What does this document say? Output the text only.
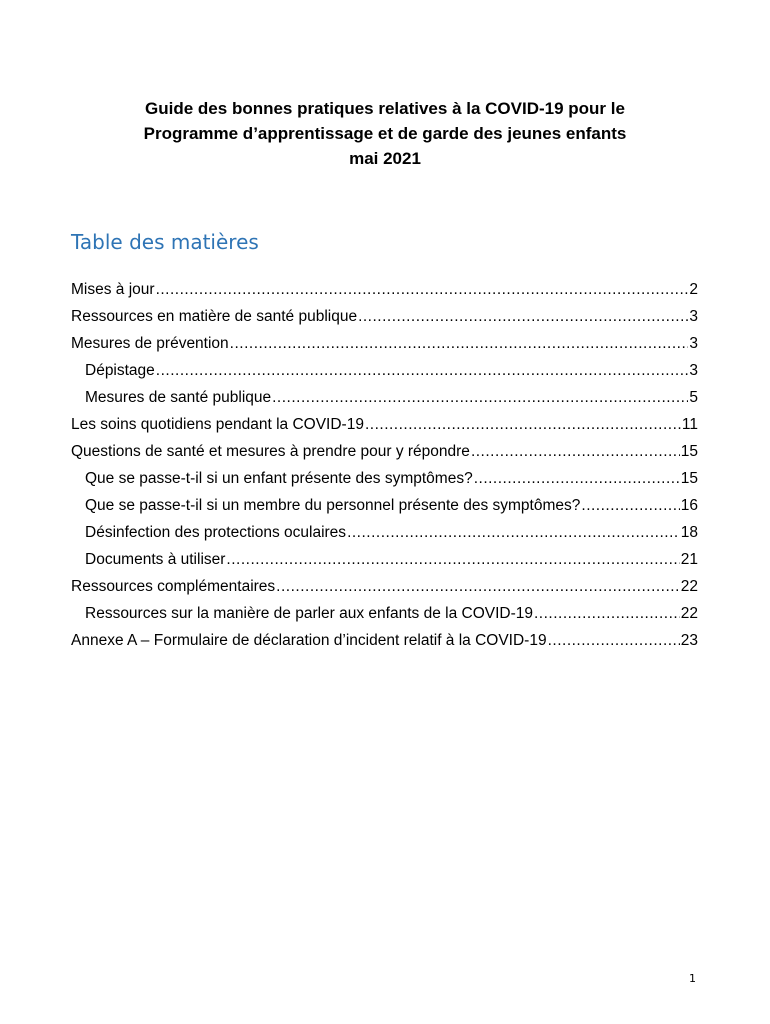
Guide des bonnes pratiques relatives à la COVID-19 pour le
Programme d’apprentissage et de garde des jeunes enfants
mai 2021
Table des matières
Mises à jour .....	2
Ressources en matière de santé publique .....	3
Mesures de prévention .....	3
Dépistage .....	3
Mesures de santé publique .....	5
Les soins quotidiens pendant la COVID-19 .....	11
Questions de santé et mesures à prendre pour y répondre .....	15
Que se passe-t-il si un enfant présente des symptômes? .....	15
Que se passe-t-il si un membre du personnel présente des symptômes? .....	16
Désinfection des protections oculaires .....	18
Documents à utiliser .....	21
Ressources complémentaires .....	22
Ressources sur la manière de parler aux enfants de la COVID-19 .....	22
Annexe A – Formulaire de déclaration d’incident relatif à la COVID-19 .....	23
1
